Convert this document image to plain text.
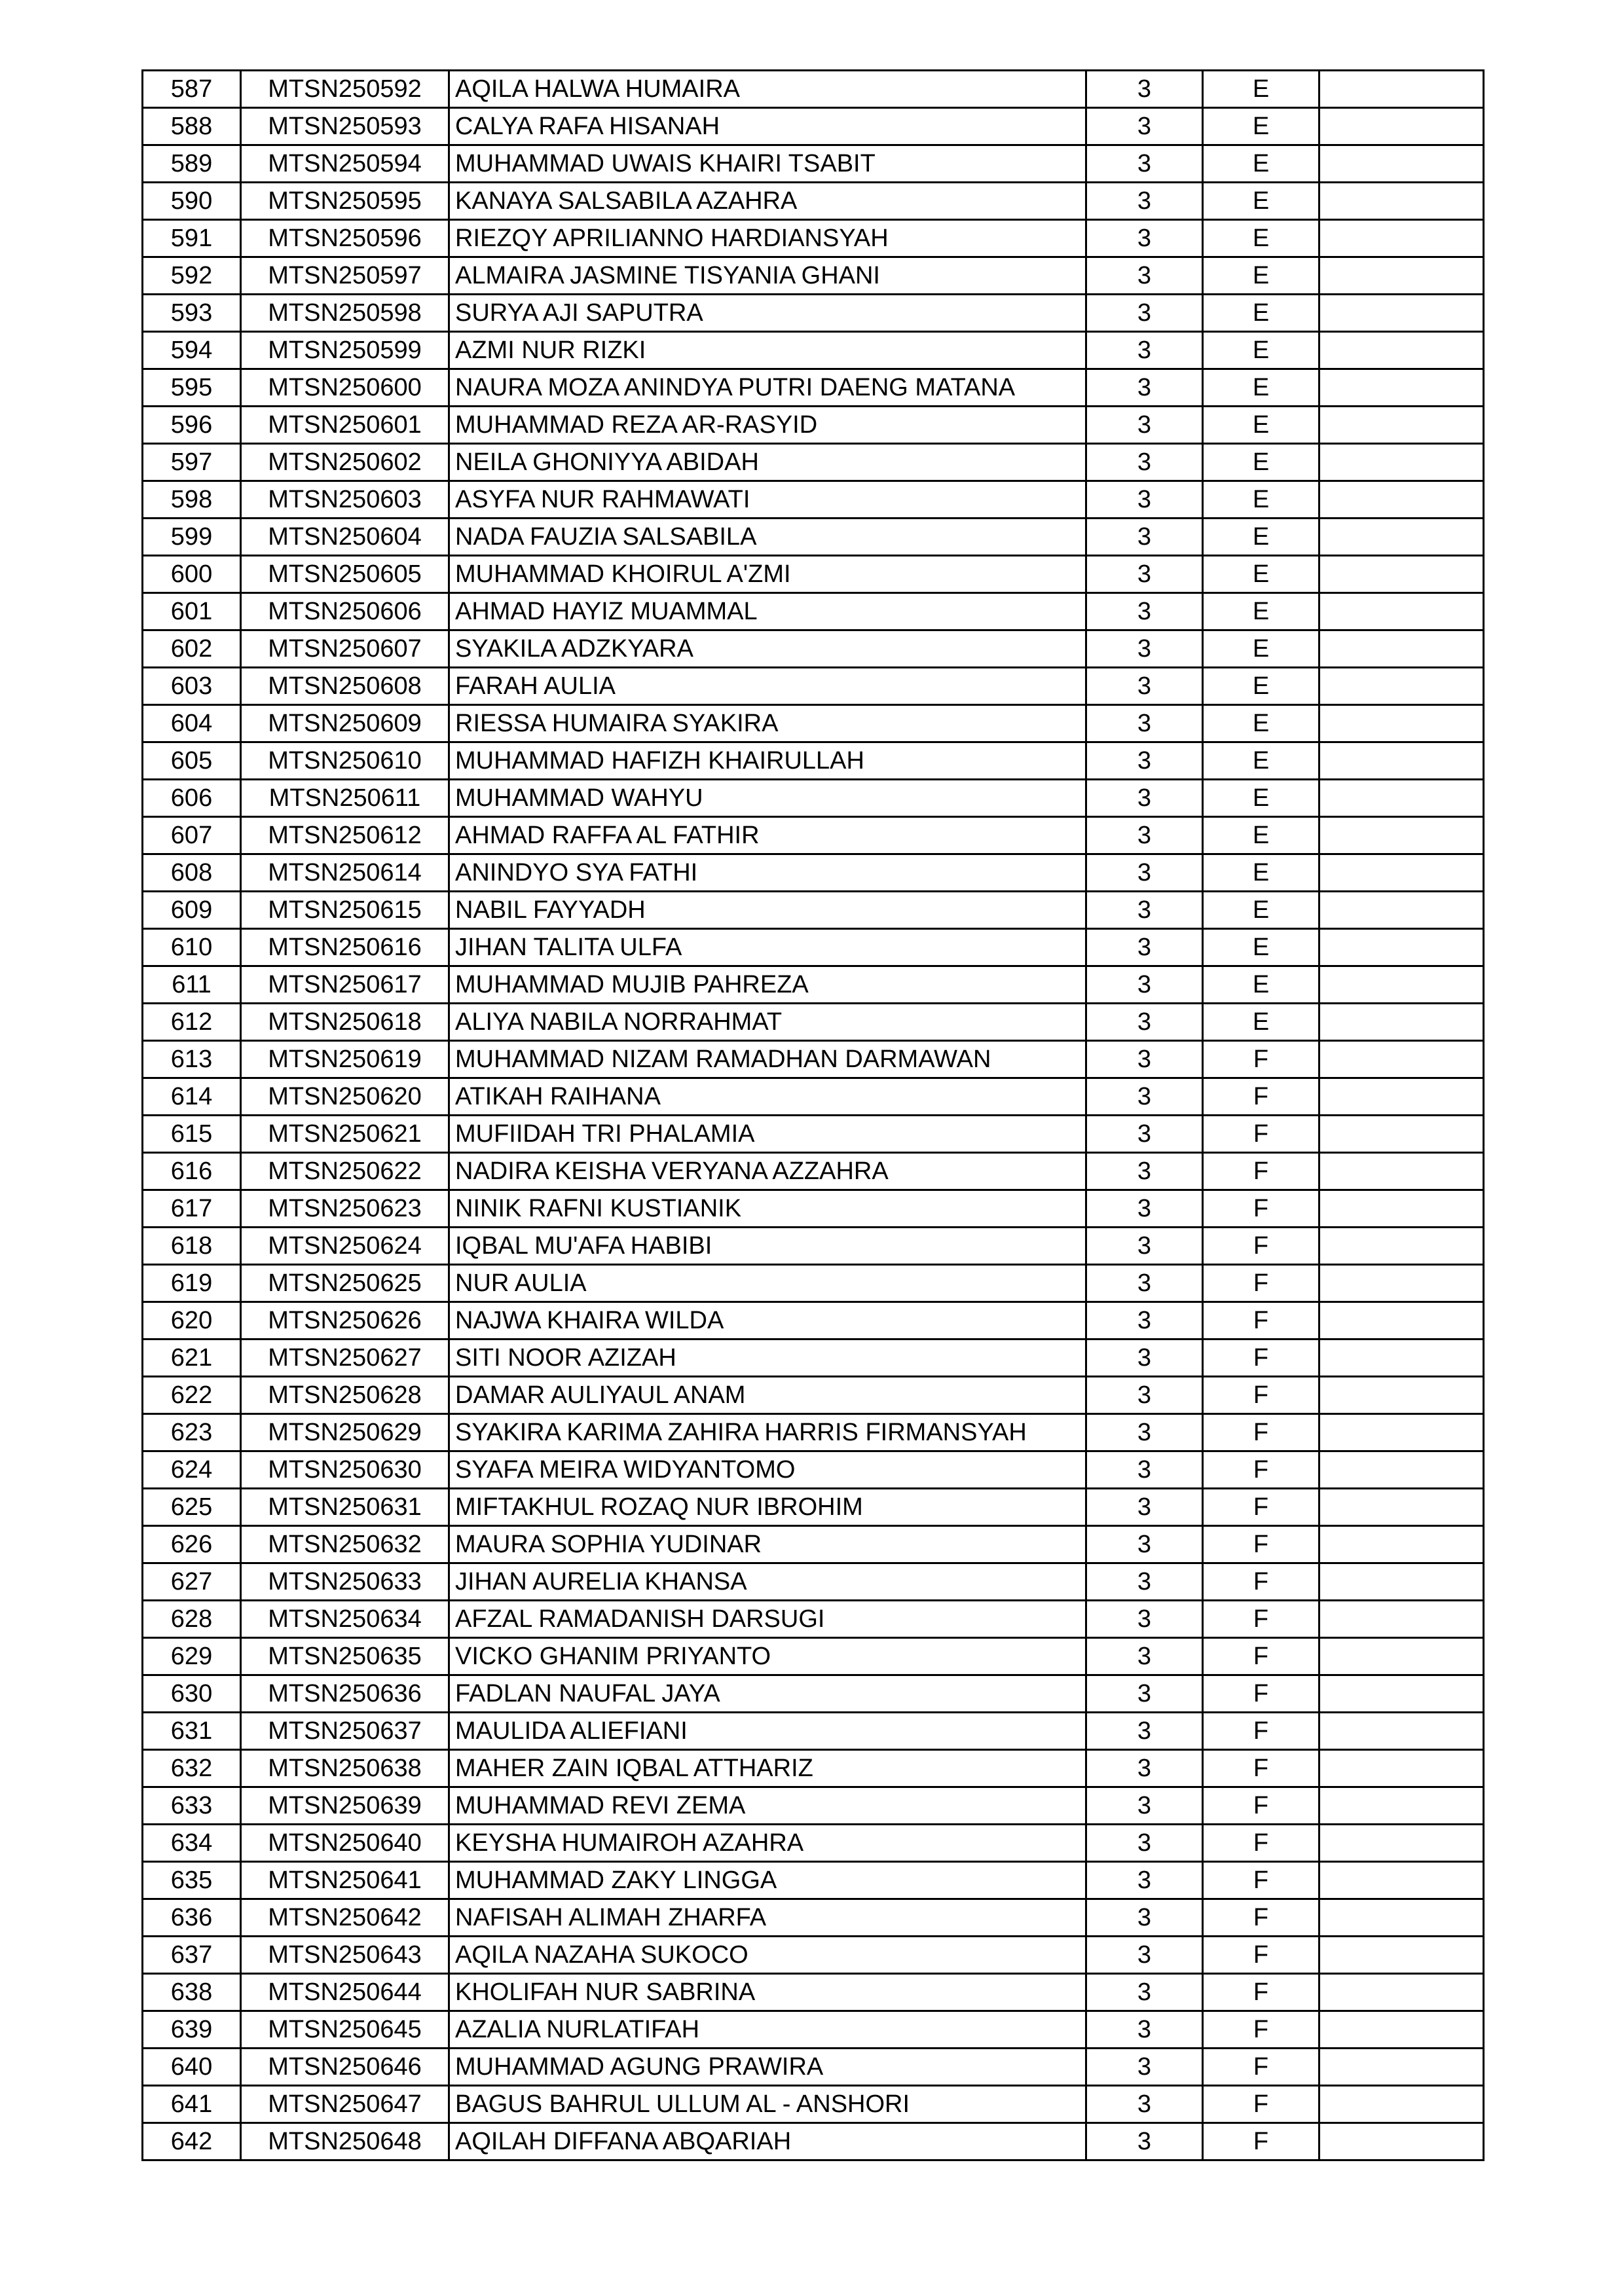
587	MTSN250592	AQILA HALWA HUMAIRA	3	E	
588	MTSN250593	CALYA RAFA HISANAH	3	E	
589	MTSN250594	MUHAMMAD UWAIS KHAIRI TSABIT	3	E	
590	MTSN250595	KANAYA SALSABILA AZAHRA	3	E	
591	MTSN250596	RIEZQY APRILIANNO HARDIANSYAH	3	E	
592	MTSN250597	ALMAIRA JASMINE TISYANIA GHANI	3	E	
593	MTSN250598	SURYA AJI SAPUTRA	3	E	
594	MTSN250599	AZMI NUR RIZKI	3	E	
595	MTSN250600	NAURA MOZA ANINDYA PUTRI DAENG MATANA	3	E	
596	MTSN250601	MUHAMMAD REZA AR-RASYID	3	E	
597	MTSN250602	NEILA GHONIYYA ABIDAH	3	E	
598	MTSN250603	ASYFA NUR RAHMAWATI	3	E	
599	MTSN250604	NADA FAUZIA SALSABILA	3	E	
600	MTSN250605	MUHAMMAD KHOIRUL A'ZMI	3	E	
601	MTSN250606	AHMAD HAYIZ MUAMMAL	3	E	
602	MTSN250607	SYAKILA ADZKYARA	3	E	
603	MTSN250608	FARAH AULIA	3	E	
604	MTSN250609	RIESSA HUMAIRA SYAKIRA	3	E	
605	MTSN250610	MUHAMMAD HAFIZH KHAIRULLAH	3	E	
606	MTSN250611	MUHAMMAD WAHYU	3	E	
607	MTSN250612	AHMAD RAFFA AL FATHIR	3	E	
608	MTSN250614	ANINDYO SYA FATHI	3	E	
609	MTSN250615	NABIL FAYYADH	3	E	
610	MTSN250616	JIHAN TALITA ULFA	3	E	
611	MTSN250617	MUHAMMAD MUJIB PAHREZA	3	E	
612	MTSN250618	ALIYA NABILA NORRAHMAT	3	E	
613	MTSN250619	MUHAMMAD NIZAM RAMADHAN DARMAWAN	3	F	
614	MTSN250620	ATIKAH RAIHANA	3	F	
615	MTSN250621	MUFIIDAH TRI PHALAMIA	3	F	
616	MTSN250622	NADIRA KEISHA VERYANA AZZAHRA	3	F	
617	MTSN250623	NINIK RAFNI KUSTIANIK	3	F	
618	MTSN250624	IQBAL MU'AFA HABIBI	3	F	
619	MTSN250625	NUR AULIA	3	F	
620	MTSN250626	NAJWA KHAIRA WILDA	3	F	
621	MTSN250627	SITI NOOR AZIZAH	3	F	
622	MTSN250628	DAMAR AULIYAUL ANAM	3	F	
623	MTSN250629	SYAKIRA KARIMA ZAHIRA HARRIS FIRMANSYAH	3	F	
624	MTSN250630	SYAFA MEIRA WIDYANTOMO	3	F	
625	MTSN250631	MIFTAKHUL ROZAQ NUR IBROHIM	3	F	
626	MTSN250632	MAURA SOPHIA YUDINAR	3	F	
627	MTSN250633	JIHAN AURELIA KHANSA	3	F	
628	MTSN250634	AFZAL RAMADANISH DARSUGI	3	F	
629	MTSN250635	VICKO GHANIM PRIYANTO	3	F	
630	MTSN250636	FADLAN NAUFAL JAYA	3	F	
631	MTSN250637	MAULIDA ALIEFIANI	3	F	
632	MTSN250638	MAHER ZAIN IQBAL ATTHARIZ	3	F	
633	MTSN250639	MUHAMMAD REVI ZEMA	3	F	
634	MTSN250640	KEYSHA HUMAIROH AZAHRA	3	F	
635	MTSN250641	MUHAMMAD ZAKY LINGGA	3	F	
636	MTSN250642	NAFISAH ALIMAH ZHARFA	3	F	
637	MTSN250643	AQILA NAZAHA SUKOCO	3	F	
638	MTSN250644	KHOLIFAH NUR SABRINA	3	F	
639	MTSN250645	AZALIA NURLATIFAH	3	F	
640	MTSN250646	MUHAMMAD AGUNG PRAWIRA	3	F	
641	MTSN250647	BAGUS BAHRUL ULLUM AL - ANSHORI	3	F	
642	MTSN250648	AQILAH DIFFANA ABQARIAH	3	F	
